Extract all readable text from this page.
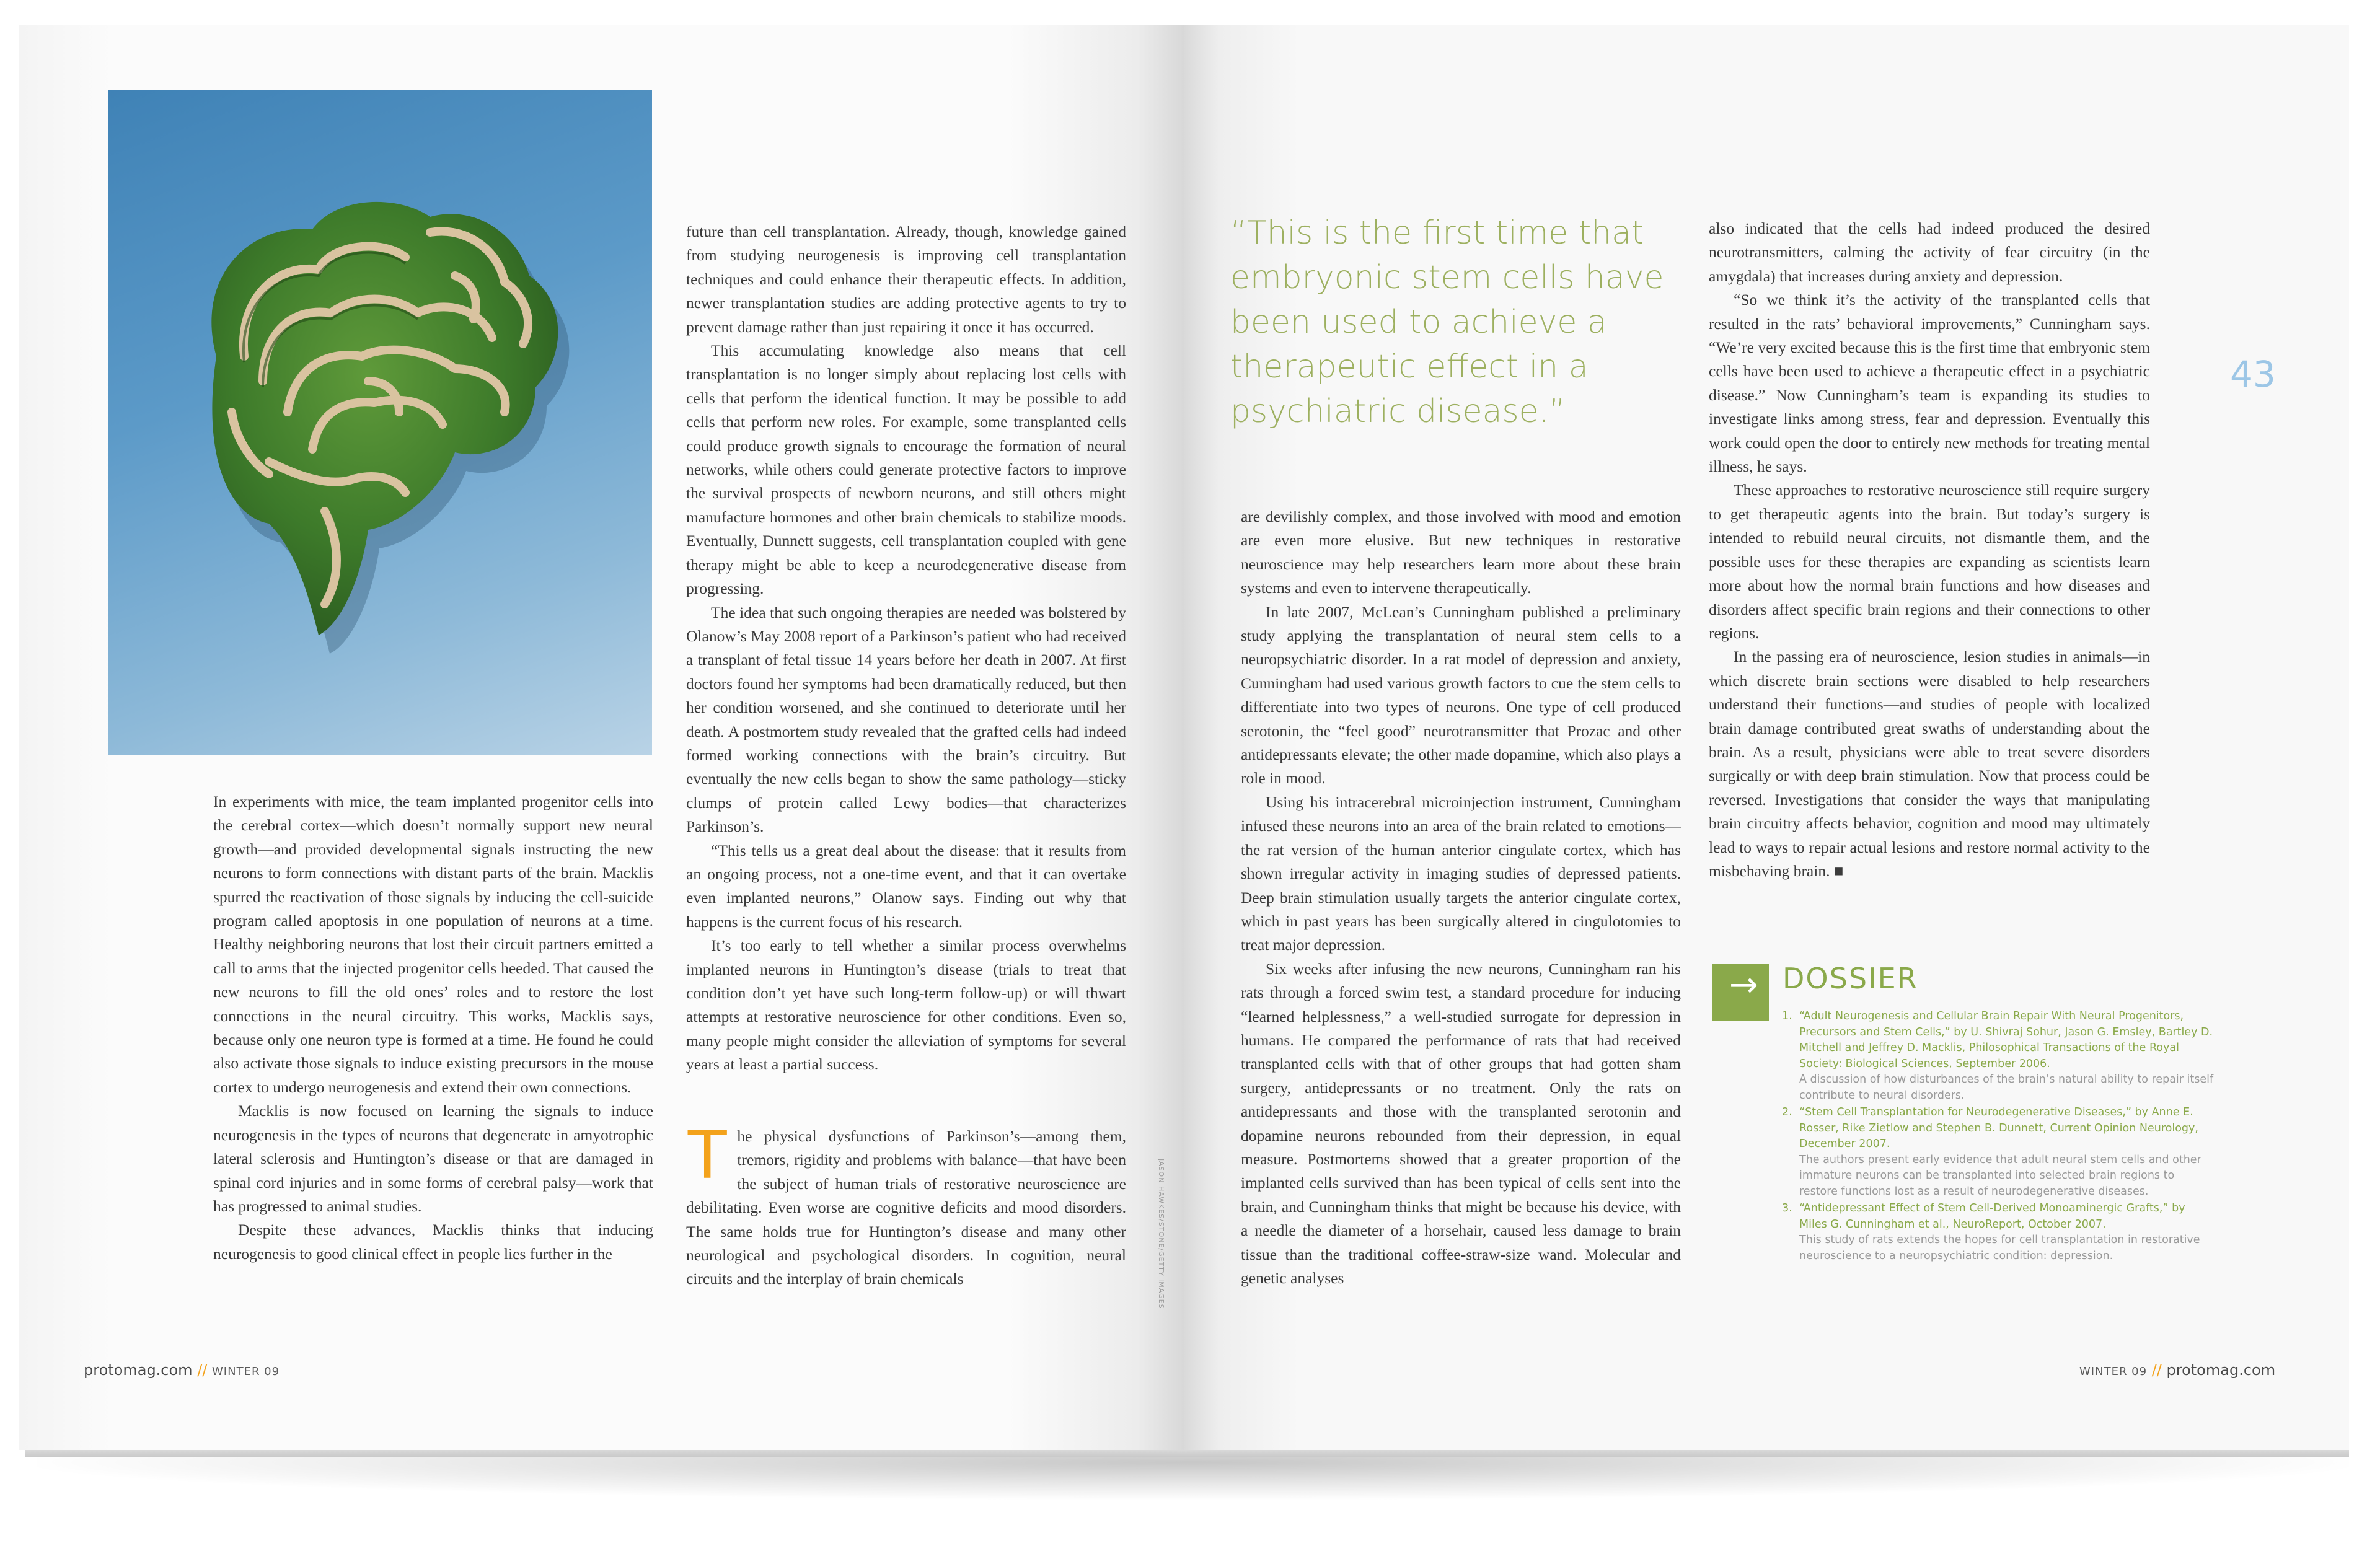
In experiments with mice, the team implanted progenitor cells into the cerebral cortex—which doesn’t normally support new neural growth—and provided developmental signals instructing the new neurons to form connections with distant parts of the brain. Macklis spurred the reactivation of those signals by inducing the cell-suicide program called apoptosis in one population of neurons at a time. Healthy neighboring neurons that lost their circuit partners emitted a call to arms that the injected progenitor cells heeded. That caused the new neurons to fill the old ones’ roles and to restore the lost connections in the neural circuitry. This works, Macklis says, because only one neuron type is formed at a time. He found he could also activate those signals to induce existing precursors in the mouse cortex to undergo neurogenesis and extend their own connections.

Macklis is now focused on learning the signals to induce neurogenesis in the types of neurons that degenerate in amyotrophic lateral sclerosis and Huntington’s disease or that are damaged in spinal cord injuries and in some forms of cerebral palsy—work that has progressed to animal studies.

Despite these advances, Macklis thinks that inducing neurogenesis to good clinical effect in people lies further in the

future than cell transplantation. Already, though, knowledge gained from studying neurogenesis is improving cell transplantation techniques and could enhance their therapeutic effects. In addition, newer transplantation studies are adding protective agents to try to prevent damage rather than just repairing it once it has occurred.

This accumulating knowledge also means that cell transplantation is no longer simply about replacing lost cells with cells that perform the identical function. It may be possible to add cells that perform new roles. For example, some transplanted cells could produce growth signals to encourage the formation of neural networks, while others could generate protective factors to improve the survival prospects of newborn neurons, and still others might manufacture hormones and other brain chemicals to stabilize moods. Eventually, Dunnett suggests, cell transplantation coupled with gene therapy might be able to keep a neurodegenerative disease from progressing.

The idea that such ongoing therapies are needed was bolstered by Olanow’s May 2008 report of a Parkinson’s patient who had received a transplant of fetal tissue 14 years before her death in 2007. At first doctors found her symptoms had been dramatically reduced, but then her condition worsened, and she continued to deteriorate until her death. A postmortem study revealed that the grafted cells had indeed formed working connections with the brain’s circuitry. But eventually the new cells began to show the same pathology—sticky clumps of protein called Lewy bodies—that characterizes Parkinson’s.

“This tells us a great deal about the disease: that it results from an ongoing process, not a one-time event, and that it can overtake even implanted neurons,” Olanow says. Finding out why that happens is the current focus of his research.

It’s too early to tell whether a similar process overwhelms implanted neurons in Huntington’s disease (trials to treat that condition don’t yet have such long-term follow-up) or will thwart attempts at restorative neuroscience for other conditions. Even so, many people might consider the alleviation of symptoms for several years at least a partial success.

The physical dysfunctions of Parkinson’s—among them, tremors, rigidity and problems with balance—that have been the subject of human trials of restorative neuroscience are debilitating. Even worse are cognitive deficits and mood disorders. The same holds true for Huntington’s disease and many other neurological and psychological disorders. In cognition, neural circuits and the interplay of brain chemicals	JASON HAWKES/STONE/GETTY IMAGES
“This is the first time that embryonic stem cells have been used to achieve a therapeutic effect in a psychiatric disease.”
43

are devilishly complex, and those involved with mood and emotion are even more elusive. But new techniques in restorative neuroscience may help researchers learn more about these brain systems and even to intervene therapeutically.

In late 2007, McLean’s Cunningham published a preliminary study applying the transplantation of neural stem cells to a neuropsychiatric disorder. In a rat model of depression and anxiety, Cunningham had used various growth factors to cue the stem cells to differentiate into two types of neurons. One type of cell produced serotonin, the “feel good” neurotransmitter that Prozac and other antidepressants elevate; the other made dopamine, which also plays a role in mood.

Using his intracerebral microinjection instrument, Cunningham infused these neurons into an area of the brain related to emotions—the rat version of the human anterior cingulate cortex, which has shown irregular activity in imaging studies of depressed patients. Deep brain stimulation usually targets the anterior cingulate cortex, which in past years has been surgically altered in cingulotomies to treat major depression.

Six weeks after infusing the new neurons, Cunningham ran his rats through a forced swim test, a standard procedure for inducing “learned helplessness,” a well-studied surrogate for depression in humans. He compared the performance of rats that had received transplanted cells with that of other groups that had gotten sham surgery, antidepressants or no treatment. Only the rats on antidepressants and those with the transplanted serotonin and dopamine neurons rebounded from their depression, in equal measure. Postmortems showed that a greater proportion of the implanted cells survived than has been typical of cells sent into the brain, and Cunningham thinks that might be because his device, with a needle the diameter of a horsehair, caused less damage to brain tissue than the traditional coffee-straw-size wand. Molecular and genetic analyses

also indicated that the cells had indeed produced the desired neurotransmitters, calming the activity of fear circuitry (in the amygdala) that increases during anxiety and depression.

“So we think it’s the activity of the transplanted cells that resulted in the rats’ behavioral improvements,” Cunningham says. “We’re very excited because this is the first time that embryonic stem cells have been used to achieve a therapeutic effect in a psychiatric disease.” Now Cunningham’s team is expanding its studies to investigate links among stress, fear and depression. Eventually this work could open the door to entirely new methods for treating mental illness, he says.

These approaches to restorative neuroscience still require surgery to get therapeutic agents into the brain. But today’s surgery is intended to rebuild neural circuits, not dismantle them, and the possible uses for these therapies are expanding as scientists learn more about how the normal brain functions and how diseases and disorders affect specific brain regions and their connections to other regions.

In the passing era of neuroscience, lesion studies in animals—in which discrete brain sections were disabled to help researchers understand their functions—and studies of people with localized brain damage contributed great swaths of understanding about the brain. As a result, physicians were able to treat severe disorders surgically or with deep brain stimulation. Now that process could be reversed. Investigations that consider the ways that manipulating brain circuitry affects behavior, cognition and mood may ultimately lead to ways to repair actual lesions and restore normal activity to the misbehaving brain. ■

→ DOSSIER
1. “Adult Neurogenesis and Cellular Brain Repair With Neural Progenitors, Precursors and Stem Cells,” by U. Shivraj Sohur, Jason G. Emsley, Bartley D. Mitchell and Jeffrey D. Macklis, Philosophical Transactions of the Royal Society: Biological Sciences, September 2006.
A discussion of how disturbances of the brain’s natural ability to repair itself contribute to neural disorders.
2. “Stem Cell Transplantation for Neurodegenerative Diseases,” by Anne E. Rosser, Rike Zietlow and Stephen B. Dunnett, Current Opinion Neurology, December 2007.
The authors present early evidence that adult neural stem cells and other immature neurons can be transplanted into selected brain regions to restore functions lost as a result of neurodegenerative diseases.
3. “Antidepressant Effect of Stem Cell-Derived Monoaminergic Grafts,” by Miles G. Cunningham et al., NeuroReport, October 2007.
This study of rats extends the hopes for cell transplantation in restorative neuroscience to a neuropsychiatric condition: depression.
protomag.com // WINTER 09	WINTER 09 // protomag.com
